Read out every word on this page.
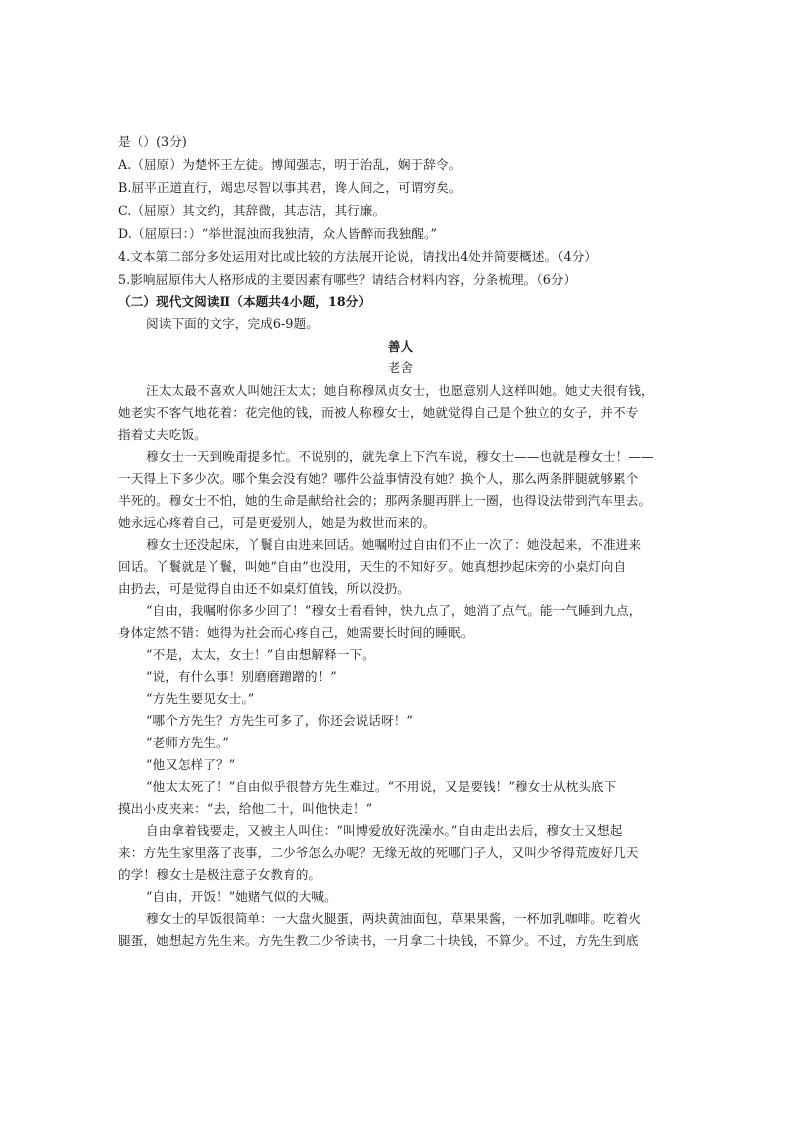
是（）(3分)
A.（屈原）为楚怀王左徒。博闻强志，明于治乱，娴于辞令。
B.屈平正道直行，竭忠尽智以事其君，谗人间之，可谓穷矣。
C.（屈原）其文约，其辞微，其志洁，其行廉。
D.（屈原曰：）“举世混浊而我独清，众人皆醉而我独醒。”
4.文本第二部分多处运用对比或比较的方法展开论说，请找出4处并简要概述。（4分）
5.影响屈原伟大人格形成的主要因素有哪些？请结合材料内容，分条梳理。（6分）
（二）现代文阅读Ⅱ（本题共4小题，18分）
阅读下面的文字，完成6-9题。
善人
老舍
汪太太最不喜欢人叫她汪太太；她自称穆凤贞女士，也愿意别人这样叫她。她丈夫很有钱，
她老实不客气地花着：花完他的钱，而被人称穆女士，她就觉得自己是个独立的女子，并不专
指着丈夫吃饭。
穆女士一天到晚甭提多忙。不说别的，就先拿上下汽车说，穆女士——也就是穆女士！——
一天得上下多少次。哪个集会没有她？哪件公益事情没有她？换个人，那么两条胖腿就够累个
半死的。穆女士不怕，她的生命是献给社会的；那两条腿再胖上一圈，也得设法带到汽车里去。
她永远心疼着自己，可是更爱别人，她是为救世而来的。
穆女士还没起床，丫鬟自由进来回话。她嘱咐过自由们不止一次了：她没起来，不准进来
回话。丫鬟就是丫鬟，叫她“自由”也没用，天生的不知好歹。她真想抄起床旁的小桌灯向自
由扔去，可是觉得自由还不如桌灯值钱，所以没扔。
“自由，我嘱咐你多少回了！”穆女士看看钟，快九点了，她消了点气。能一气睡到九点，
身体定然不错：她得为社会而心疼自己，她需要长时间的睡眠。
“不是，太太，女士！”自由想解释一下。
“说，有什么事！别磨磨蹭蹭的！”
“方先生要见女士。”
“哪个方先生？方先生可多了，你还会说话呀！”
“老师方先生。”
“他又怎样了？”
“他太太死了！”自由似乎很替方先生难过。“不用说，又是要钱！”穆女士从枕头底下
摸出小皮夹来：“去，给他二十，叫他快走！”
自由拿着钱要走，又被主人叫住：“叫博爱放好洗澡水。”自由走出去后，穆女士又想起
来：方先生家里落了丧事，二少爷怎么办呢？无缘无故的死哪门子人，又叫少爷得荒废好几天
的学！穆女士是极注意子女教育的。
“自由，开饭！”她赌气似的大喊。
穆女士的早饭很简单：一大盘火腿蛋，两块黄油面包，草果果酱，一杯加乳咖啡。吃着火
腿蛋，她想起方先生来。方先生教二少爷读书，一月拿二十块钱，不算少。不过，方先生到底
